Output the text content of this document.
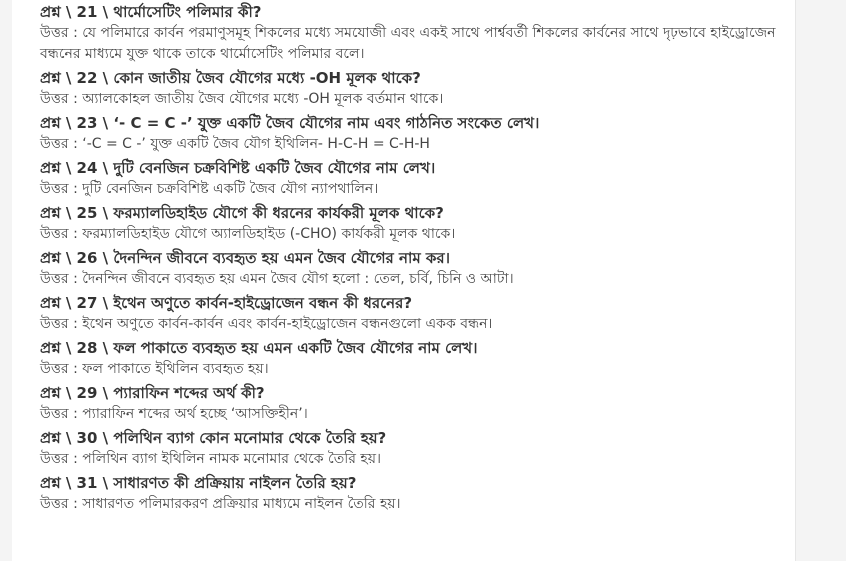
প্রশ্ন \ 21 \ থার্মোসেটিং পলিমার কী?
উত্তর : যে পলিমারে কার্বন পরমাণুসমূহ শিকলের মধ্যে সমযোজী এবং একই সাথে পার্শ্ববর্তী শিকলের কার্বনের সাথে দৃঢ়ভাবে হাইড্রোজেন বন্ধনের মাধ্যমে যুক্ত থাকে তাকে থার্মোসেটিং পলিমার বলে।
প্রশ্ন \ 22 \ কোন জাতীয় জৈব যৌগের মধ্যে -OH মূলক থাকে?
উত্তর : অ্যালকোহল জাতীয় জৈব যৌগের মধ্যে -OH মূলক বর্তমান থাকে।
প্রশ্ন \ 23 \ ‘- C = C -’ যুক্ত একটি জৈব যৌগের নাম এবং গাঠনিত সংকেত লেখ।
উত্তর : ‘-C = C -’ যুক্ত একটি জৈব যৌগ ইথিলিন- H-C-H = C-H-H
প্রশ্ন \ 24 \ দুটি বেনজিন চক্রবিশিষ্ট একটি জৈব যৌগের নাম লেখ।
উত্তর : দুটি বেনজিন চক্রবিশিষ্ট একটি জৈব যৌগ ন্যাপথালিন।
প্রশ্ন \ 25 \ ফরম্যালডিহাইড যৌগে কী ধরনের কার্যকরী মূলক থাকে?
উত্তর : ফরম্যালডিহাইড যৌগে অ্যালডিহাইড (-CHO) কার্যকরী মূলক থাকে।
প্রশ্ন \ 26 \ দৈনন্দিন জীবনে ব্যবহৃত হয় এমন জৈব যৌগের নাম কর।
উত্তর : দৈনন্দিন জীবনে ব্যবহৃত হয় এমন জৈব যৌগ হলো : তেল, চর্বি, চিনি ও আটা।
প্রশ্ন \ 27 \ ইথেন অণুতে কার্বন-হাইড্রোজেন বন্ধন কী ধরনের?
উত্তর : ইথেন অণুতে কার্বন-কার্বন এবং কার্বন-হাইড্রোজেন বন্ধনগুলো একক বন্ধন।
প্রশ্ন \ 28 \ ফল পাকাতে ব্যবহৃত হয় এমন একটি জৈব যৌগের নাম লেখ।
উত্তর : ফল পাকাতে ইথিলিন ব্যবহৃত হয়।
প্রশ্ন \ 29 \ প্যারাফিন শব্দের অর্থ কী?
উত্তর : প্যারাফিন শব্দের অর্থ হচ্ছে ‘আসক্তিহীন’।
প্রশ্ন \ 30 \ পলিথিন ব্যাগ কোন মনোমার থেকে তৈরি হয়?
উত্তর : পলিথিন ব্যাগ ইথিলিন নামক মনোমার থেকে তৈরি হয়।
প্রশ্ন \ 31 \ সাধারণত কী প্রক্রিয়ায় নাইলন তৈরি হয়?
উত্তর : সাধারণত পলিমারকরণ প্রক্রিয়ার মাধ্যমে নাইলন তৈরি হয়।
